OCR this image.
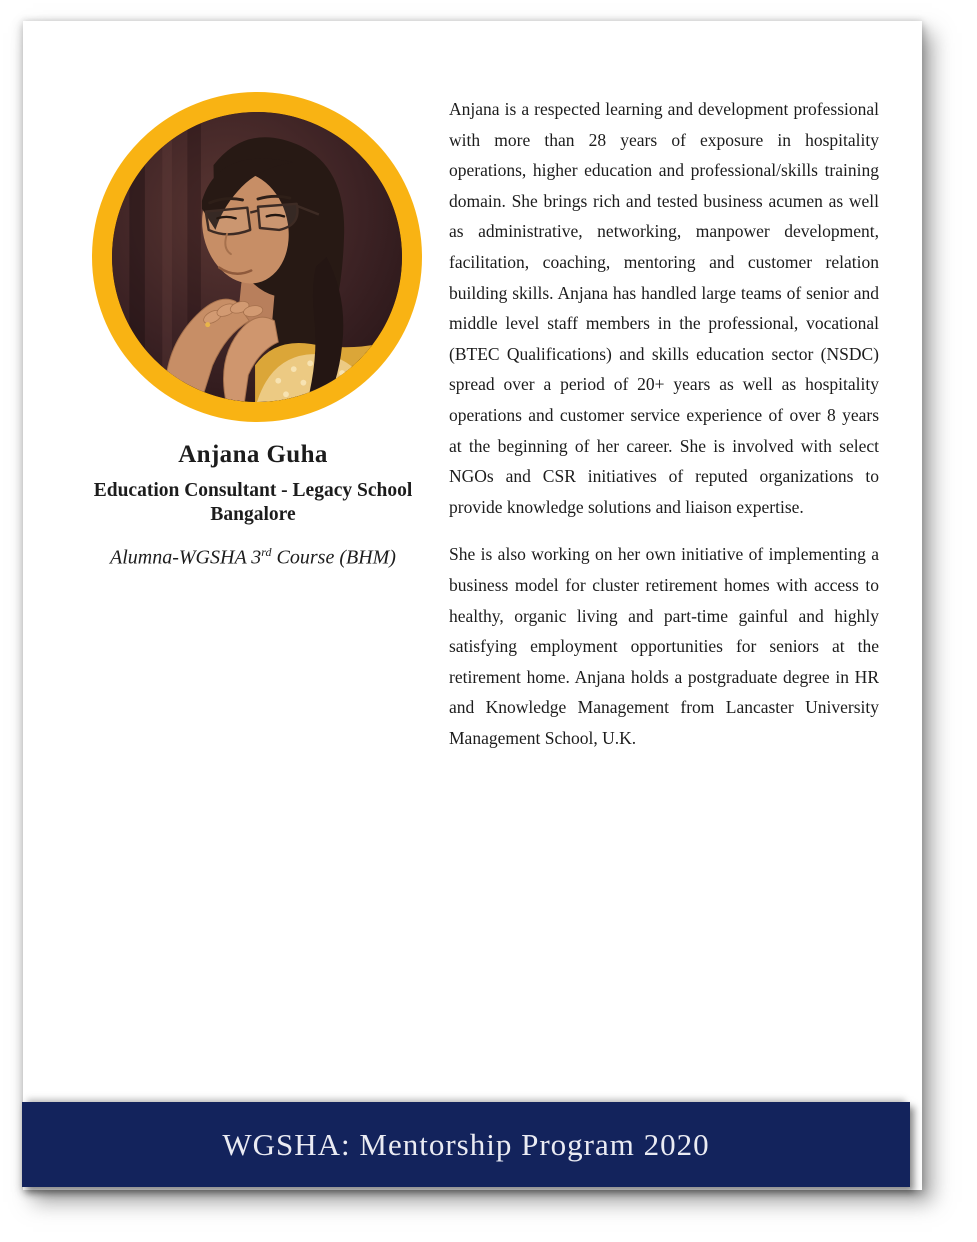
Anjana Guha
Education Consultant - Legacy School
Bangalore
Alumna-WGSHA 3rd Course (BHM)

Anjana is a respected learning and development professional with more than 28 years of exposure in hospitality operations, higher education and professional/skills training domain. She brings rich and tested business acumen as well as administrative, networking, manpower development, facilitation, coaching, mentoring and customer relation building skills. Anjana has handled large teams of senior and middle level staff members in the professional, vocational (BTEC Qualifications) and skills education sector (NSDC) spread over a period of 20+ years as well as hospitality operations and customer service experience of over 8 years at the beginning of her career. She is involved with select NGOs and CSR initiatives of reputed organizations to provide knowledge solutions and liaison expertise.

She is also working on her own initiative of implementing a business model for cluster retirement homes with access to healthy, organic living and part-time gainful and highly satisfying employment opportunities for seniors at the retirement home. Anjana holds a postgraduate degree in HR and Knowledge Management from Lancaster University Management School, U.K.

WGSHA: Mentorship Program 2020
